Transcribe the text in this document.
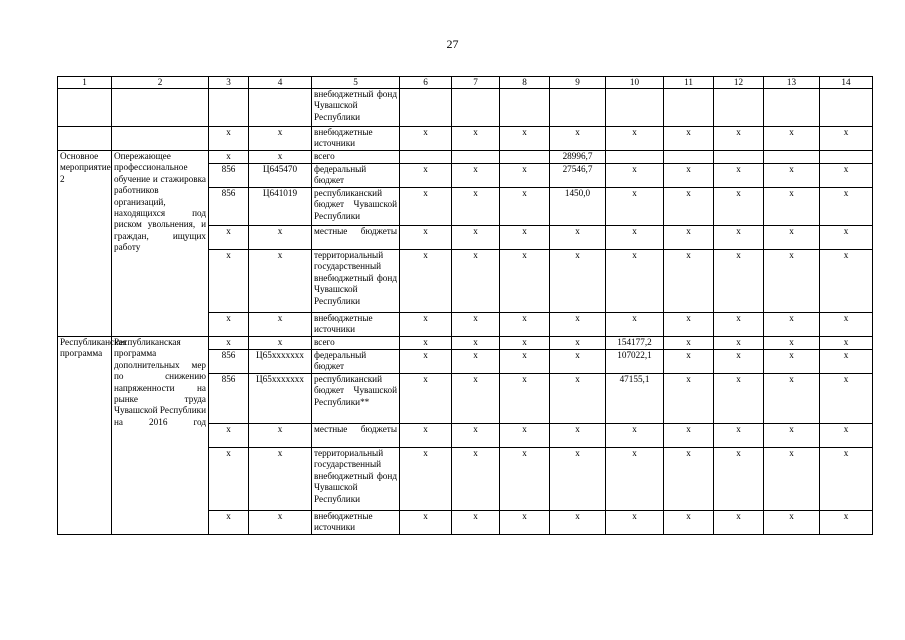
27
1	2	3	4	5	6	7	8	9	10	11	12	13	14
				внебюджетный фонд Чувашской Республики									
		x	x	внебюджетные источники	x	x	x	x	x	x	x	x	x

Основное мероприятие 2	Опережающее профессиональное обучение и стажировка работников организаций, находящихся под риском увольнения, и граждан, ищущих работу	x	x	всего				28996,7					
		856	Ц645470	федеральный бюджет	x	x	x	27546,7	x	x	x	x	x
		856	Ц641019	республиканский бюджет Чувашской Республики	x	x	x	1450,0	x	x	x	x	x
		x	x	местные бюджеты	x	x	x	x	x	x	x	x	x
		x	x	территориальный государственный внебюджетный фонд Чувашской Республики	x	x	x	x	x	x	x	x	x
		x	x	внебюджетные источники	x	x	x	x	x	x	x	x	x

Республиканская программа	Республиканская программа дополнительных мер по снижению напряженности на рынке труда Чувашской Республики на 2016 год	x	x	всего	x	x	x	x	154177,2	x	x	x	x
		856	Ц65xxxxxxx	федеральный бюджет	x	x	x	x	107022,1	x	x	x	x
		856	Ц65xxxxxxx	республиканский бюджет Чувашской Республики**	x	x	x	x	47155,1	x	x	x	x
		x	x	местные бюджеты	x	x	x	x	x	x	x	x	x
		x	x	территориальный государственный внебюджетный фонд Чувашской Республики	x	x	x	x	x	x	x	x	x
		x	x	внебюджетные источники	x	x	x	x	x	x	x	x	x
